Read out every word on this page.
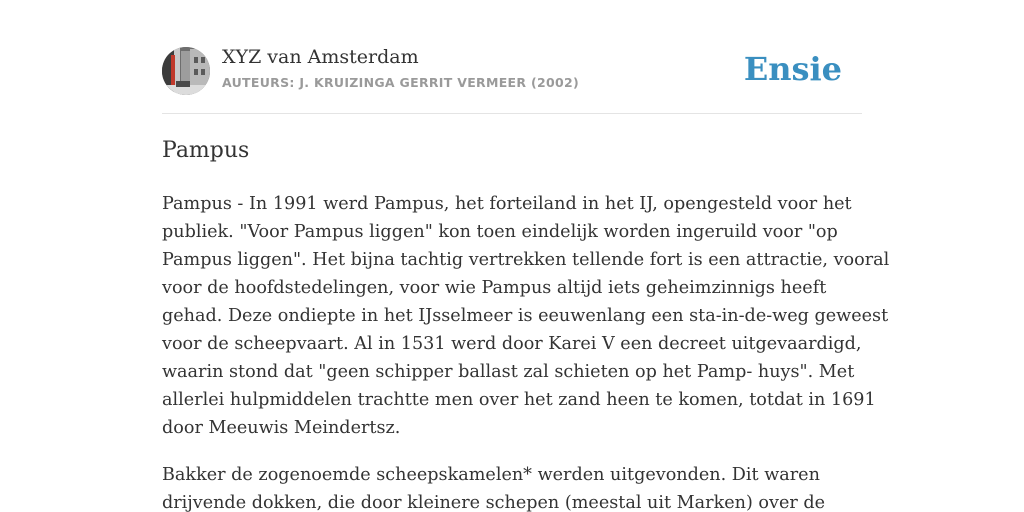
XYZ van Amsterdam
AUTEURS: J. KRUIZINGA GERRIT VERMEER (2002)	Ensie
Pampus

Pampus - In 1991 werd Pampus, het forteiland in het IJ, opengesteld voor het
publiek. "Voor Pampus liggen" kon toen eindelijk worden ingeruild voor "op
Pampus liggen". Het bijna tachtig vertrekken tellende fort is een attractie, vooral
voor de hoofdstedelingen, voor wie Pampus altijd iets geheimzinnigs heeft
gehad. Deze ondiepte in het IJsselmeer is eeuwenlang een sta-in-de-weg geweest
voor de scheepvaart. Al in 1531 werd door Karei V een decreet uitgevaardigd,
waarin stond dat "geen schipper ballast zal schieten op het Pamp- huys". Met
allerlei hulpmiddelen trachtte men over het zand heen te komen, totdat in 1691
door Meeuwis Meindertsz.

Bakker de zogenoemde scheepskamelen* werden uitgevonden. Dit waren
drijvende dokken, die door kleinere schepen (meestal uit Marken) over de
